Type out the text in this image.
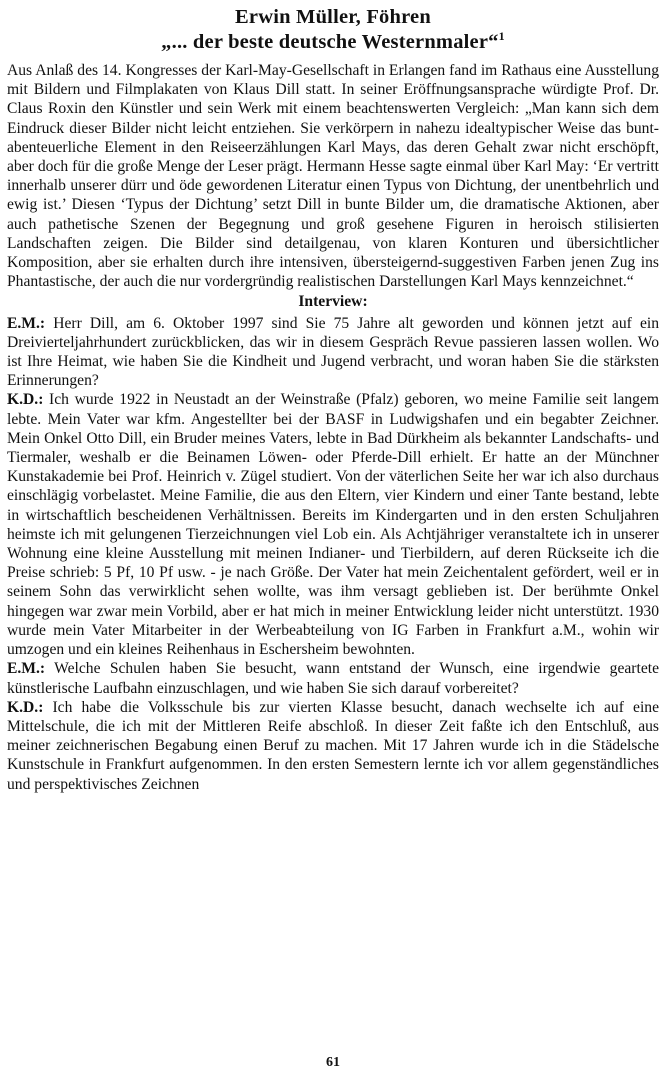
Erwin Müller, Föhren
„... der beste deutsche Westernmaler“$^1$

Aus Anlaß des 14. Kongresses der Karl-May-Gesellschaft in Erlangen fand im Rathaus eine Ausstellung mit Bildern und Filmplakaten von Klaus Dill statt. In seiner Eröffnungsansprache würdigte Prof. Dr. Claus Roxin den Künstler und sein Werk mit einem beachtenswerten Vergleich: „Man kann sich dem Eindruck dieser Bilder nicht leicht entziehen. Sie verkörpern in nahezu idealtypischer Weise das bunt-abenteuerliche Element in den Reiseerzählungen Karl Mays, das deren Gehalt zwar nicht erschöpft, aber doch für die große Menge der Leser prägt. Hermann Hesse sagte einmal über Karl May: ‘Er vertritt innerhalb unserer dürr und öde gewordenen Literatur einen Typus von Dichtung, der unentbehrlich und ewig ist.’ Diesen ‘Typus der Dichtung’ setzt Dill in bunte Bilder um, die dramatische Aktionen, aber auch pathetische Szenen der Begegnung und groß gesehene Figuren in heroisch stilisierten Landschaften zeigen. Die Bilder sind detailgenau, von klaren Konturen und übersichtlicher Komposition, aber sie erhalten durch ihre intensiven, übersteigernd-suggestiven Farben jenen Zug ins Phantastische, der auch die nur vordergründig realistischen Darstellungen Karl Mays kennzeichnet.“

Interview:

E.M.: Herr Dill, am 6. Oktober 1997 sind Sie 75 Jahre alt geworden und können jetzt auf ein Dreivierteljahrhundert zurückblicken, das wir in diesem Gespräch Revue passieren lassen wollen. Wo ist Ihre Heimat, wie haben Sie die Kindheit und Jugend verbracht, und woran haben Sie die stärksten Erinnerungen?

K.D.: Ich wurde 1922 in Neustadt an der Weinstraße (Pfalz) geboren, wo meine Familie seit langem lebte. Mein Vater war kfm. Angestellter bei der BASF in Ludwigshafen und ein begabter Zeichner. Mein Onkel Otto Dill, ein Bruder meines Vaters, lebte in Bad Dürkheim als bekannter Landschafts- und Tiermaler, weshalb er die Beinamen Löwen- oder Pferde-Dill erhielt. Er hatte an der Münchner Kunstakademie bei Prof. Heinrich v. Zügel studiert. Von der väterlichen Seite her war ich also durchaus einschlägig vorbelastet. Meine Familie, die aus den Eltern, vier Kindern und einer Tante bestand, lebte in wirtschaftlich bescheidenen Verhältnissen. Bereits im Kindergarten und in den ersten Schuljahren heimste ich mit gelungenen Tierzeichnungen viel Lob ein. Als Achtjähriger veranstaltete ich in unserer Wohnung eine kleine Ausstellung mit meinen Indianer- und Tierbildern, auf deren Rückseite ich die Preise schrieb: 5 Pf, 10 Pf usw. - je nach Größe. Der Vater hat mein Zeichentalent gefördert, weil er in seinem Sohn das verwirklicht sehen wollte, was ihm versagt geblieben ist. Der berühmte Onkel hingegen war zwar mein Vorbild, aber er hat mich in meiner Entwicklung leider nicht unterstützt. 1930 wurde mein Vater Mitarbeiter in der Werbeabteilung von IG Farben in Frankfurt a.M., wohin wir umzogen und ein kleines Reihenhaus in Eschersheim bewohnten.

E.M.: Welche Schulen haben Sie besucht, wann entstand der Wunsch, eine irgendwie geartete künstlerische Laufbahn einzuschlagen, und wie haben Sie sich darauf vorbereitet?

K.D.: Ich habe die Volksschule bis zur vierten Klasse besucht, danach wechselte ich auf eine Mittelschule, die ich mit der Mittleren Reife abschloß. In dieser Zeit faßte ich den Entschluß, aus meiner zeichnerischen Begabung einen Beruf zu machen. Mit 17 Jahren wurde ich in die Städelsche Kunstschule in Frankfurt aufgenommen. In den ersten Semestern lernte ich vor allem gegenständliches und perspektivisches Zeichnen

61
